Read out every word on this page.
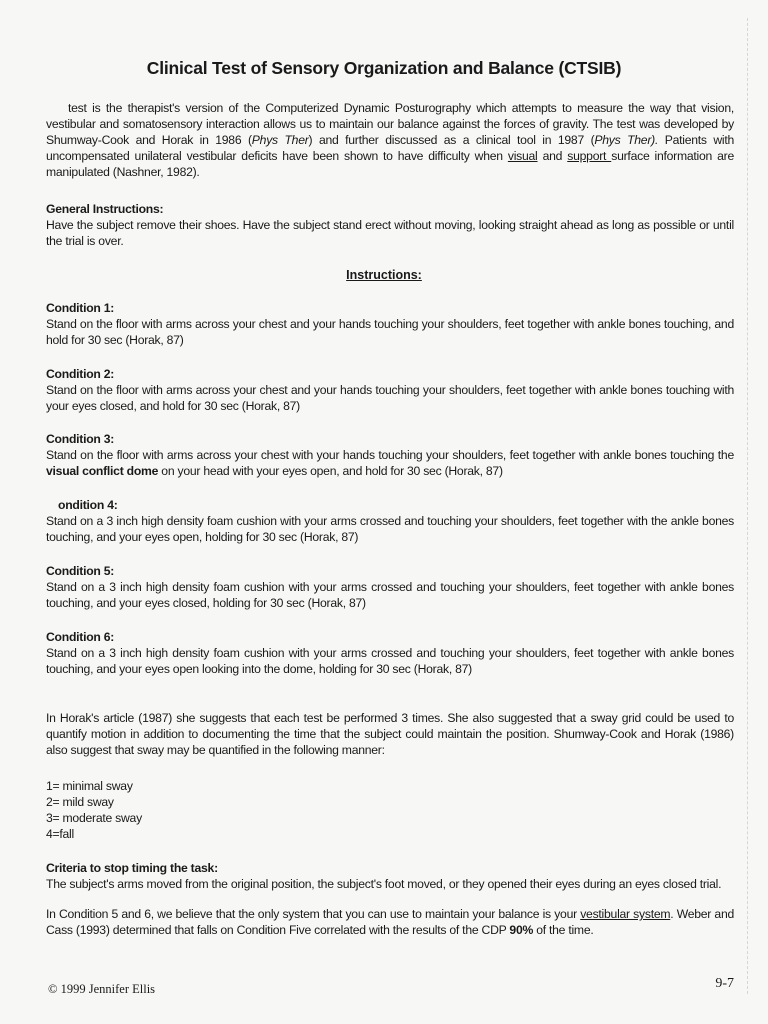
Clinical Test of Sensory Organization and Balance (CTSIB)
test is the therapist's version of the Computerized Dynamic Posturography which attempts to measure the way that vision, vestibular and somatosensory interaction allows us to maintain our balance against the forces of gravity. The test was developed by Shumway-Cook and Horak in 1986 (Phys Ther) and further discussed as a clinical tool in 1987 (Phys Ther). Patients with uncompensated unilateral vestibular deficits have been shown to have difficulty when visual and support surface information are manipulated (Nashner, 1982).
General Instructions:
Have the subject remove their shoes. Have the subject stand erect without moving, looking straight ahead as long as possible or until the trial is over.
Instructions:
Condition 1:
Stand on the floor with arms across your chest and your hands touching your shoulders, feet together with ankle bones touching, and hold for 30 sec (Horak, 87)
Condition 2:
Stand on the floor with arms across your chest and your hands touching your shoulders, feet together with ankle bones touching with your eyes closed, and hold for 30 sec (Horak, 87)
Condition 3:
Stand on the floor with arms across your chest with your hands touching your shoulders, feet together with ankle bones touching the visual conflict dome on your head with your eyes open, and hold for 30 sec (Horak, 87)
ondition 4:
Stand on a 3 inch high density foam cushion with your arms crossed and touching your shoulders, feet together with the ankle bones touching, and your eyes open, holding for 30 sec (Horak, 87)
Condition 5:
Stand on a 3 inch high density foam cushion with your arms crossed and touching your shoulders, feet together with ankle bones touching, and your eyes closed, holding for 30 sec (Horak, 87)
Condition 6:
Stand on a 3 inch high density foam cushion with your arms crossed and touching your shoulders, feet together with ankle bones touching, and your eyes open looking into the dome, holding for 30 sec (Horak, 87)
In Horak's article (1987) she suggests that each test be performed 3 times. She also suggested that a sway grid could be used to quantify motion in addition to documenting the time that the subject could maintain the position. Shumway-Cook and Horak (1986) also suggest that sway may be quantified in the following manner:
1= minimal sway
2= mild sway
3= moderate sway
4=fall
Criteria to stop timing the task:
The subject's arms moved from the original position, the subject's foot moved, or they opened their eyes during an eyes closed trial.
In Condition 5 and 6, we believe that the only system that you can use to maintain your balance is your vestibular system. Weber and Cass (1993) determined that falls on Condition Five correlated with the results of the CDP 90% of the time.
© 1999 Jennifer Ellis	9-7
